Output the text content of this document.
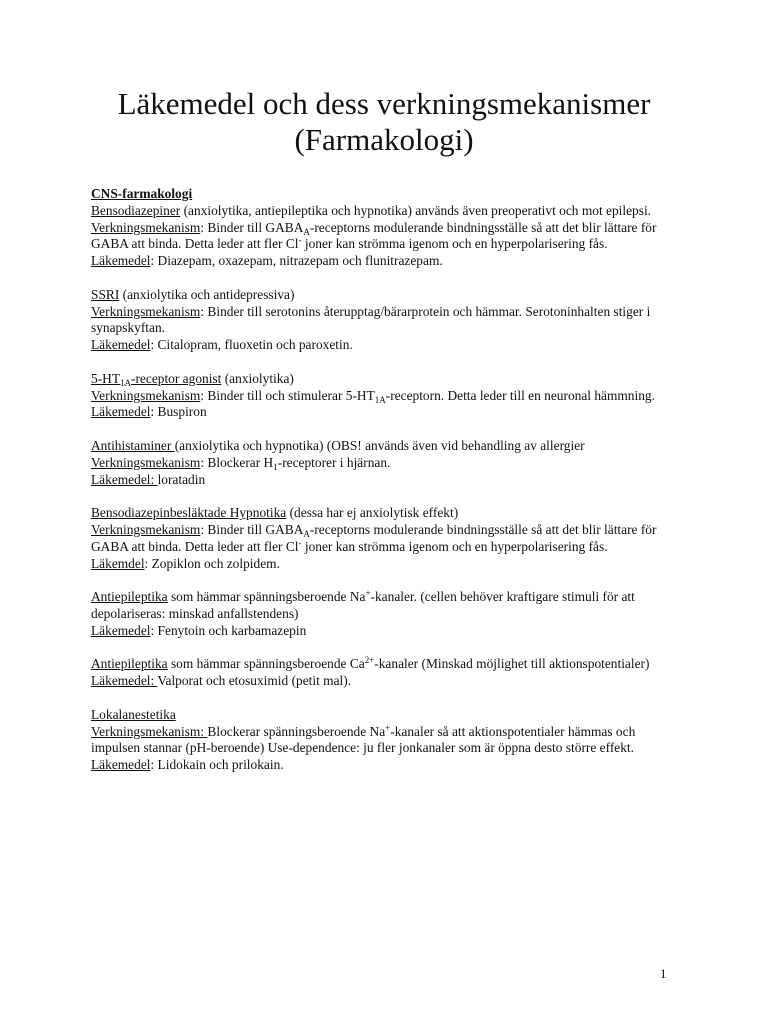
Läkemedel och dess verkningsmekanismer
(Farmakologi)
CNS-farmakologi
Bensodiazepiner (anxiolytika, antiepileptika och hypnotika) används även preoperativt och mot epilepsi.
Verkningsmekanism: Binder till $GABA_A$-receptorns modulerande bindningsställe så att det blir lättare för GABA att binda. Detta leder att fler Cl- joner kan strömma igenom och en hyperpolarisering fås.
Läkemedel: Diazepam, oxazepam, nitrazepam och flunitrazepam.
SSRI (anxiolytika och antidepressiva)
Verkningsmekanism: Binder till serotonins återupptag/bärarprotein och hämmar. Serotoninhalten stiger i synapskyftan.
Läkemedel: Citalopram, fluoxetin och paroxetin.
$5-HT_{1A}$-receptor agonist (anxiolytika)
Verkningsmekanism: Binder till och stimulerar $5-HT_{1A}$-receptorn. Detta leder till en neuronal hämmning.
Läkemedel: Buspiron
Antihistaminer (anxiolytika och hypnotika) (OBS! används även vid behandling av allergier
Verkningsmekanism: Blockerar $H_1$-receptorer i hjärnan.
Läkemedel: loratadin
Bensodiazepinbesläktade Hypnotika (dessa har ej anxiolytisk effekt)
Verkningsmekanism: Binder till $GABA_A$-receptorns modulerande bindningsställe så att det blir lättare för GABA att binda. Detta leder att fler Cl- joner kan strömma igenom och en hyperpolarisering fås.
Läkemdel: Zopiklon och zolpidem.
Antiepileptika som hämmar spänningsberoende Na+-kanaler. (cellen behöver kraftigare stimuli för att depolariseras: minskad anfallstendens)
Läkemedel: Fenytoin och karbamazepin
Antiepileptika som hämmar spänningsberoende $Ca^{2+}$-kanaler (Minskad möjlighet till aktionspotentialer)
Läkemedel: Valporat och etosuximid (petit mal).
Lokalanestetika
Verkningsmekanism: Blockerar spänningsberoende Na+-kanaler så att aktionspotentialer hämmas och impulsen stannar (pH-beroende) Use-dependence: ju fler jonkanaler som är öppna desto större effekt.
Läkemedel: Lidokain och prilokain.
1
